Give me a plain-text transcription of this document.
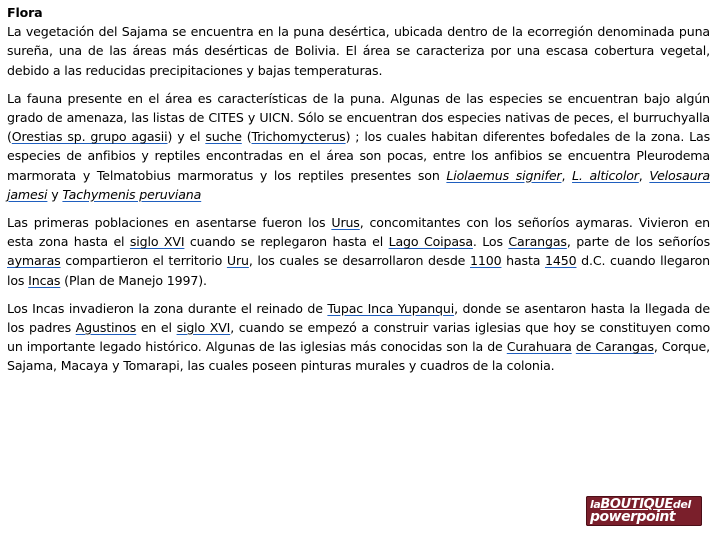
Flora
La vegetación del Sajama se encuentra en la puna desértica, ubicada dentro de la ecorregión denominada puna sureña, una de las áreas más desérticas de Bolivia. El área se caracteriza por una escasa cobertura vegetal, debido a las reducidas precipitaciones y bajas temperaturas.

La fauna presente en el área es características de la puna. Algunas de las especies se encuentran bajo algún grado de amenaza, las listas de CITES y UICN. Sólo se encuentran dos especies nativas de peces, el burruchyalla (Orestias sp. grupo agasii) y el suche (Trichomycterus) ; los cuales habitan diferentes bofedales de la zona. Las especies de anfibios y reptiles encontradas en el área son pocas, entre los anfibios se encuentra Pleurodema marmorata y Telmatobius marmoratus y los reptiles presentes son Liolaemus signifer, L. alticolor, Velosaura jamesi y Tachymenis peruviana

Las primeras poblaciones en asentarse fueron los Urus, concomitantes con los señoríos aymaras. Vivieron en esta zona hasta el siglo XVI cuando se replegaron hasta el Lago Coipasa. Los Carangas, parte de los señoríos aymaras compartieron el territorio Uru, los cuales se desarrollaron desde 1100 hasta 1450 d.C. cuando llegaron los Incas (Plan de Manejo 1997).

Los Incas invadieron la zona durante el reinado de Tupac Inca Yupanqui, donde se asentaron hasta la llegada de los padres Agustinos en el siglo XVI, cuando se empezó a construir varias iglesias que hoy se constituyen como un importante legado histórico. Algunas de las iglesias más conocidas son la de Curahuara de Carangas, Corque, Sajama, Macaya y Tomarapi, las cuales poseen pinturas murales y cuadros de la colonia.

laBOUTIQUEdel
powerpoint
